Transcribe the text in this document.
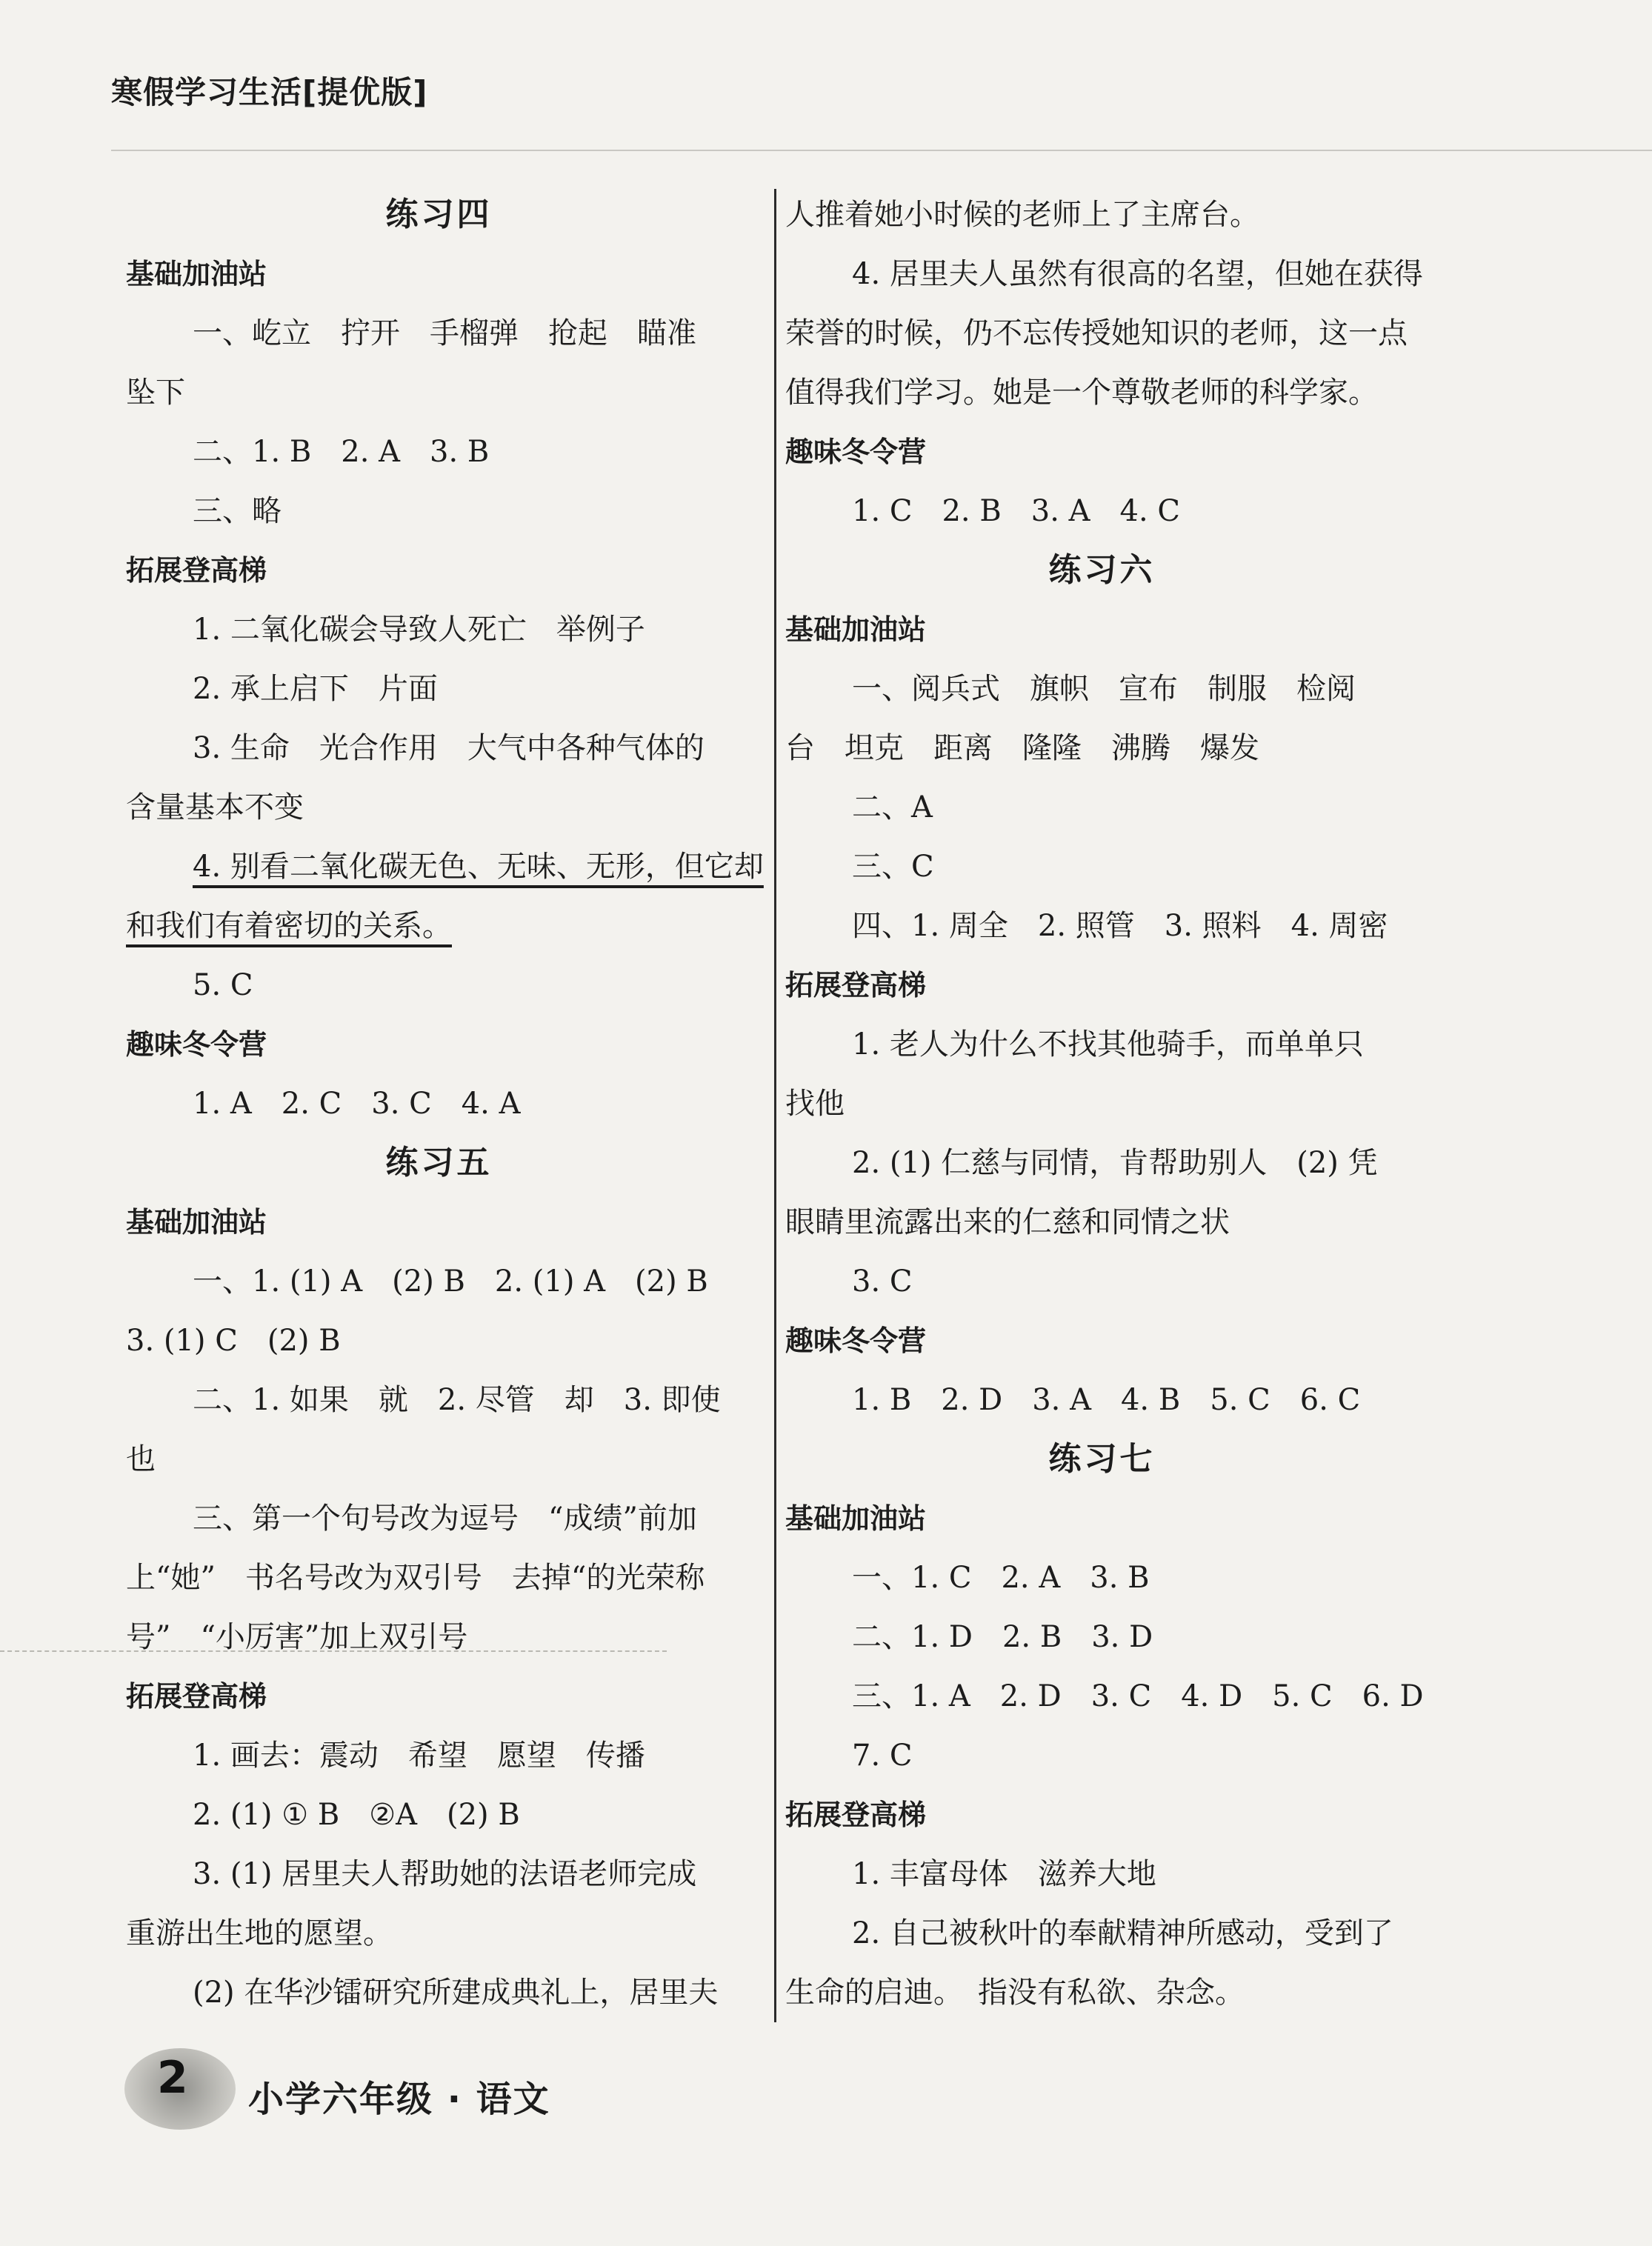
寒假学习生活[提优版]

练习四

基础加油站

一、屹立　拧开　手榴弹　抢起　瞄准

坠下

二、1. B　2. A　3. B

三、略

拓展登高梯

1. 二氧化碳会导致人死亡　举例子

2. 承上启下　片面

3. 生命　光合作用　大气中各种气体的

含量基本不变

4. 别看二氧化碳无色、无味、无形，但它却

和我们有着密切的关系。

5. C

趣味冬令营

1. A　2. C　3. C　4. A

练习五

基础加油站

一、1. (1) A　(2) B　2. (1) A　(2) B

3. (1) C　(2) B

二、1. 如果　就　2. 尽管　却　3. 即使

也

三、第一个句号改为逗号　“成绩”前加

上“她”　书名号改为双引号　去掉“的光荣称

号”　“小厉害”加上双引号

拓展登高梯

1. 画去：震动　希望　愿望　传播

2. (1) ① B　②A　(2) B

3. (1) 居里夫人帮助她的法语老师完成

重游出生地的愿望。

(2) 在华沙镭研究所建成典礼上，居里夫

人推着她小时候的老师上了主席台。

4. 居里夫人虽然有很高的名望，但她在获得

荣誉的时候，仍不忘传授她知识的老师，这一点

值得我们学习。她是一个尊敬老师的科学家。

趣味冬令营

1. C　2. B　3. A　4. C

练习六

基础加油站

一、阅兵式　旗帜　宣布　制服　检阅

台　坦克　距离　隆隆　沸腾　爆发

二、A

三、C

四、1. 周全　2. 照管　3. 照料　4. 周密

拓展登高梯

1. 老人为什么不找其他骑手，而单单只

找他

2. (1) 仁慈与同情，肯帮助别人　(2) 凭

眼睛里流露出来的仁慈和同情之状

3. C

趣味冬令营

1. B　2. D　3. A　4. B　5. C　6. C

练习七

基础加油站

一、1. C　2. A　3. B

二、1. D　2. B　3. D

三、1. A　2. D　3. C　4. D　5. C　6. D

7. C

拓展登高梯

1. 丰富母体　滋养大地

2. 自己被秋叶的奉献精神所感动，受到了

生命的启迪。　指没有私欲、杂念。

2 小学六年级 · 语文
